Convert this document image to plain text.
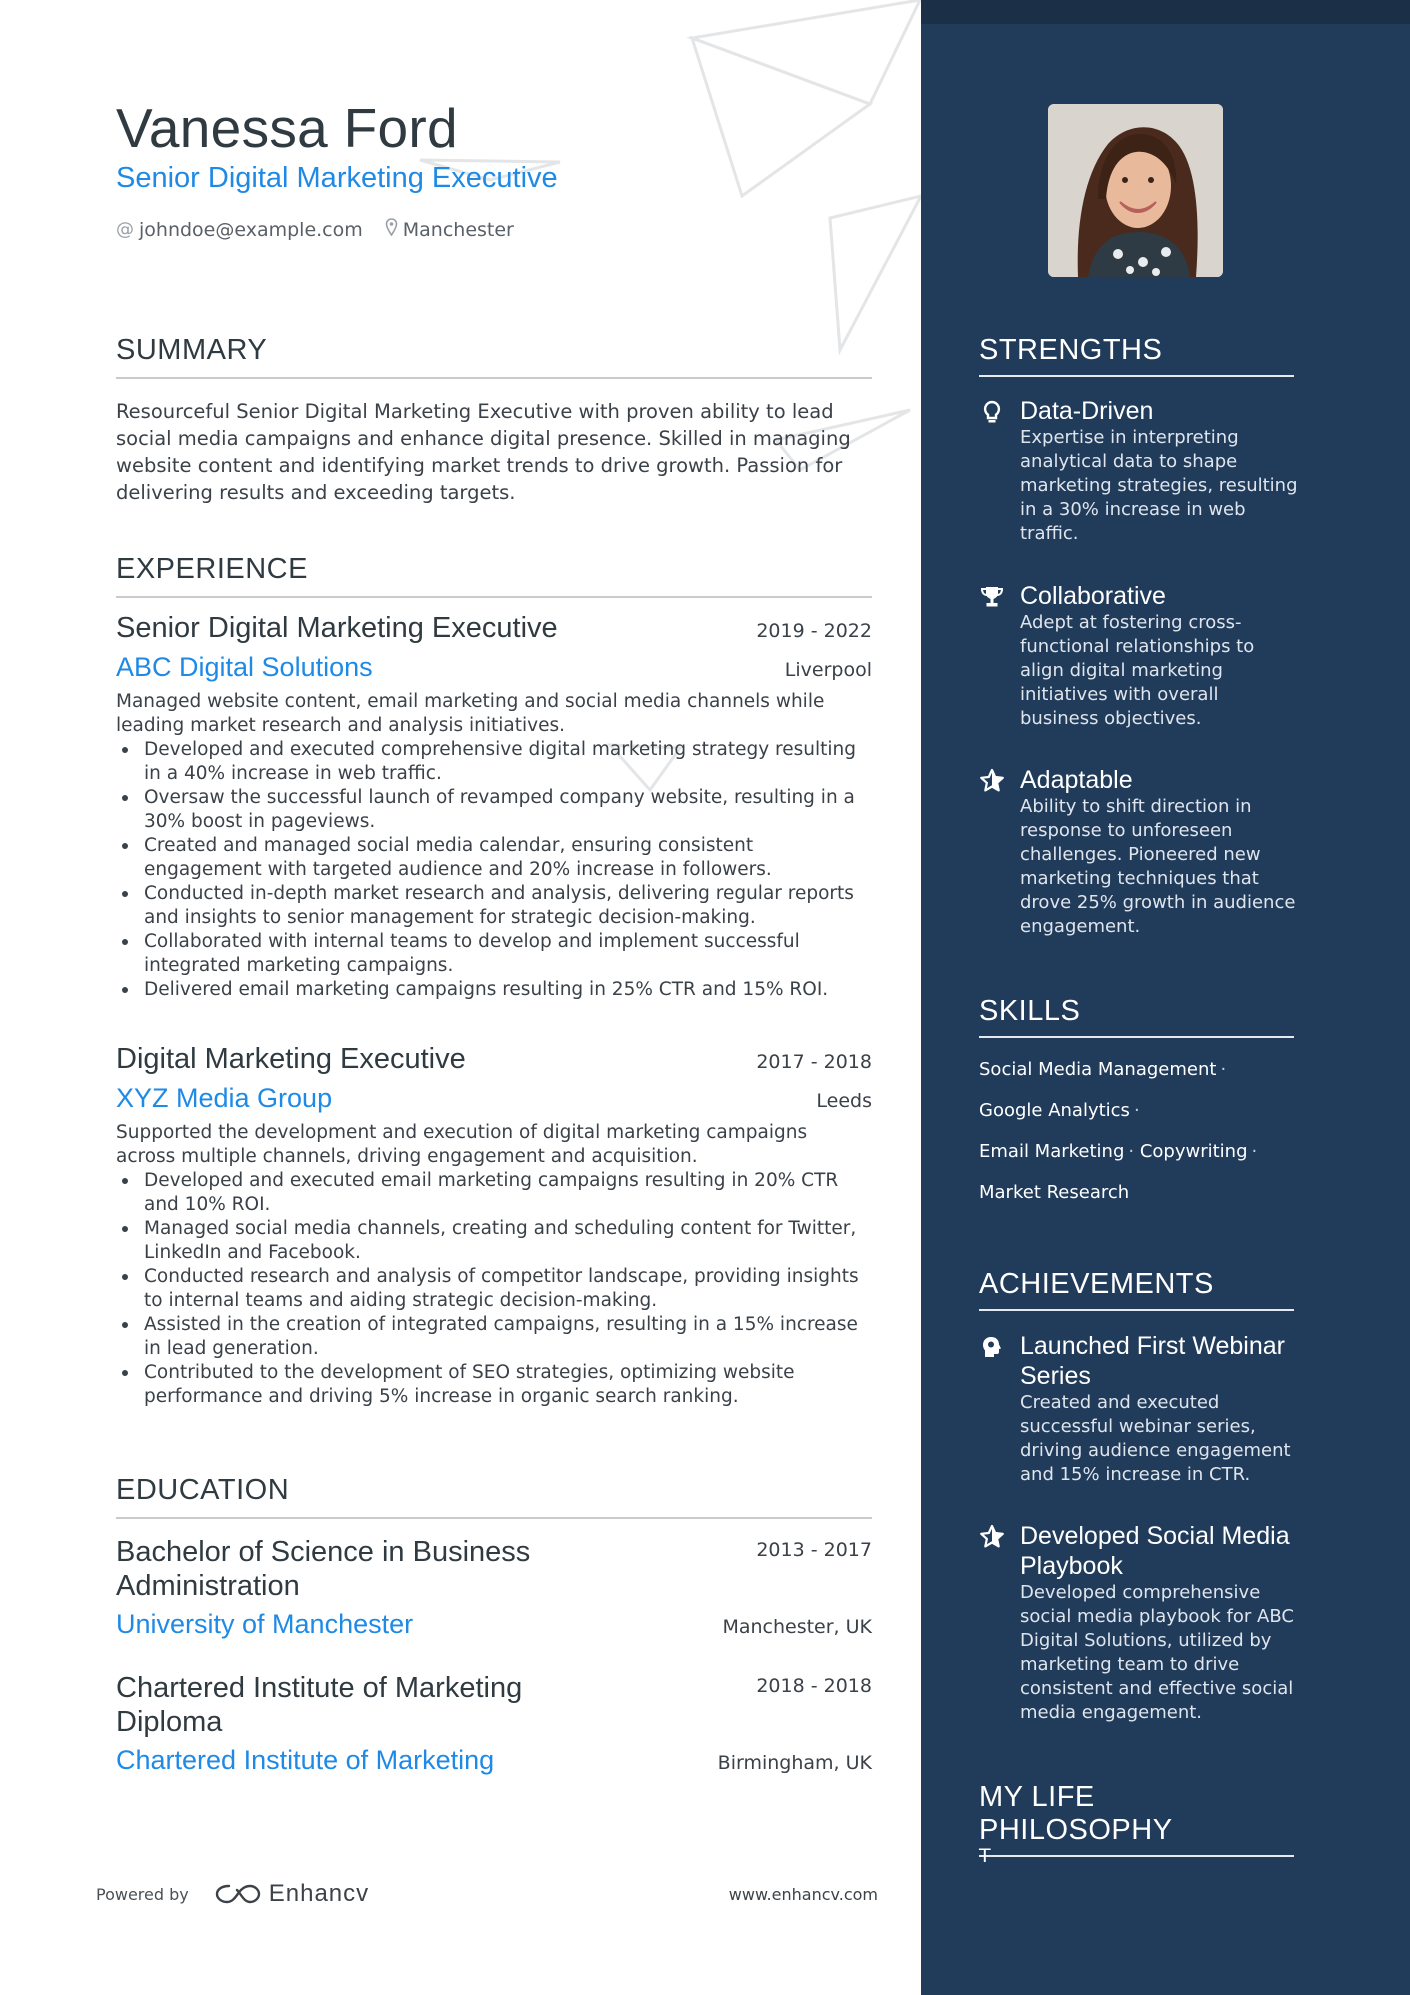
Vanessa Ford
Senior Digital Marketing Executive
@ johndoe@example.com Manchester
SUMMARY
Resourceful Senior Digital Marketing Executive with proven ability to lead social media campaigns and enhance digital presence. Skilled in managing website content and identifying market trends to drive growth. Passion for delivering results and exceeding targets.
EXPERIENCE
Senior Digital Marketing Executive	2019 - 2022
ABC Digital Solutions	Liverpool
Managed website content, email marketing and social media channels while leading market research and analysis initiatives.
Developed and executed comprehensive digital marketing strategy resulting in a 40% increase in web traffic.
Oversaw the successful launch of revamped company website, resulting in a 30% boost in pageviews.
Created and managed social media calendar, ensuring consistent engagement with targeted audience and 20% increase in followers.
Conducted in-depth market research and analysis, delivering regular reports and insights to senior management for strategic decision-making.
Collaborated with internal teams to develop and implement successful integrated marketing campaigns.
Delivered email marketing campaigns resulting in 25% CTR and 15% ROI.
Digital Marketing Executive	2017 - 2018
XYZ Media Group	Leeds
Supported the development and execution of digital marketing campaigns across multiple channels, driving engagement and acquisition.
Developed and executed email marketing campaigns resulting in 20% CTR and 10% ROI.
Managed social media channels, creating and scheduling content for Twitter, LinkedIn and Facebook.
Conducted research and analysis of competitor landscape, providing insights to internal teams and aiding strategic decision-making.
Assisted in the creation of integrated campaigns, resulting in a 15% increase in lead generation.
Contributed to the development of SEO strategies, optimizing website performance and driving 5% increase in organic search ranking.
EDUCATION
Bachelor of Science in Business Administration
2013 - 2017
University of Manchester	Manchester, UK
Chartered Institute of Marketing Diploma
2018 - 2018
Chartered Institute of Marketing	Birmingham, UK
Powered by	Enhancv	www.enhancv.com
STRENGTHS
Data-Driven
Expertise in interpreting analytical data to shape marketing strategies, resulting in a 30% increase in web traffic.
Collaborative
Adept at fostering cross-functional relationships to align digital marketing initiatives with overall business objectives.
Adaptable
Ability to shift direction in response to unforeseen challenges. Pioneered new marketing techniques that drove 25% growth in audience engagement.
SKILLS
Social Media Management ·
Google Analytics ·
Email Marketing · Copywriting ·
Market Research
ACHIEVEMENTS
Launched First Webinar Series
Created and executed successful webinar series, driving audience engagement and 15% increase in CTR.
Developed Social Media Playbook
Developed comprehensive social media playbook for ABC Digital Solutions, utilized by marketing team to drive consistent and effective social media engagement.
MY LIFE PHILOSOPHY
T
